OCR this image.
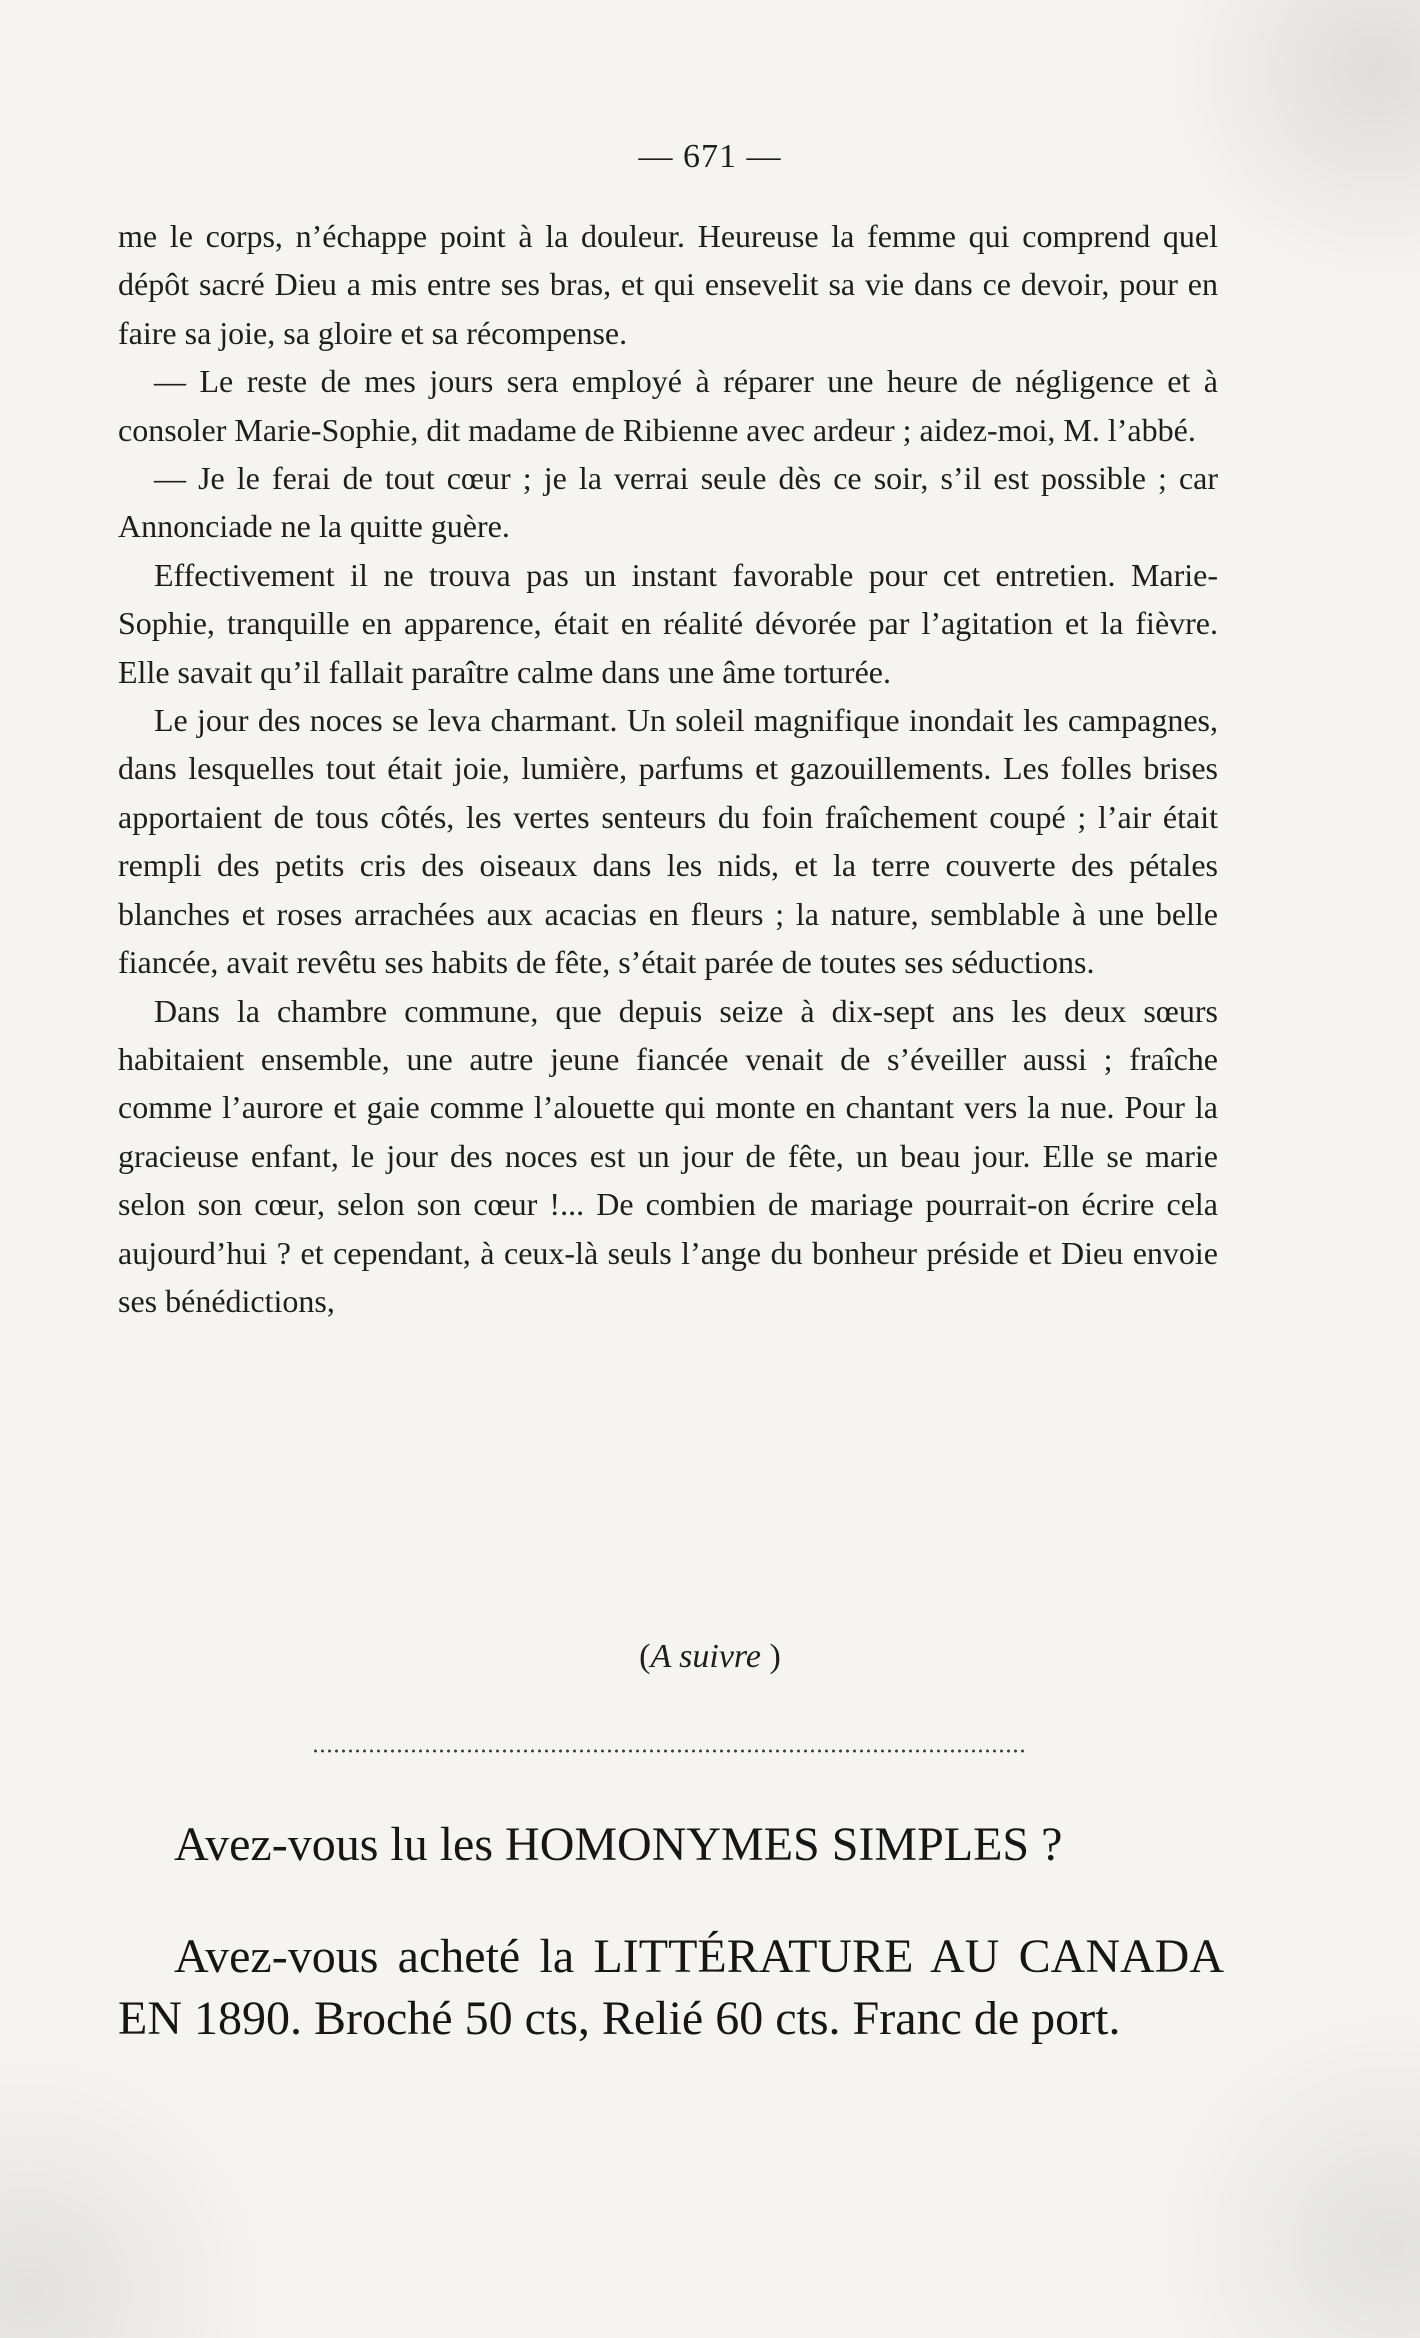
— 671 —

me le corps, n’échappe point à la douleur. Heureuse la femme qui comprend quel dépôt sacré Dieu a mis entre ses bras, et qui ensevelit sa vie dans ce devoir, pour en faire sa joie, sa gloire et sa récompense.

— Le reste de mes jours sera employé à réparer une heure de négligence et à consoler Marie-Sophie, dit madame de Ribienne avec ardeur ; aidez-moi, M. l’abbé.

— Je le ferai de tout cœur ; je la verrai seule dès ce soir, s’il est possible ; car Annonciade ne la quitte guère.

Effectivement il ne trouva pas un instant favorable pour cet entretien. Marie-Sophie, tranquille en apparence, était en réalité dévorée par l’agitation et la fièvre. Elle savait qu’il fallait paraître calme dans une âme torturée.

Le jour des noces se leva charmant. Un soleil magnifique inondait les campagnes, dans lesquelles tout était joie, lumière, parfums et gazouillements. Les folles brises apportaient de tous côtés, les vertes senteurs du foin fraîchement coupé ; l’air était rempli des petits cris des oiseaux dans les nids, et la terre couverte des pétales blanches et roses arrachées aux acacias en fleurs ; la nature, semblable à une belle fiancée, avait revêtu ses habits de fête, s’était parée de toutes ses séductions.

Dans la chambre commune, que depuis seize à dix-sept ans les deux sœurs habitaient ensemble, une autre jeune fiancée venait de s’éveiller aussi ; fraîche comme l’aurore et gaie comme l’alouette qui monte en chantant vers la nue. Pour la gracieuse enfant, le jour des noces est un jour de fête, un beau jour. Elle se marie selon son cœur, selon son cœur !... De combien de mariage pourrait-on écrire cela aujourd’hui ? et cependant, à ceux-là seuls l’ange du bonheur préside et Dieu envoie ses bénédictions,

(A suivre )
Avez-vous lu les HOMONYMES SIMPLES ?
Avez-vous acheté la LITTÉRATURE AU CANADA EN 1890. Broché 50 cts, Relié 60 cts. Franc de port.
